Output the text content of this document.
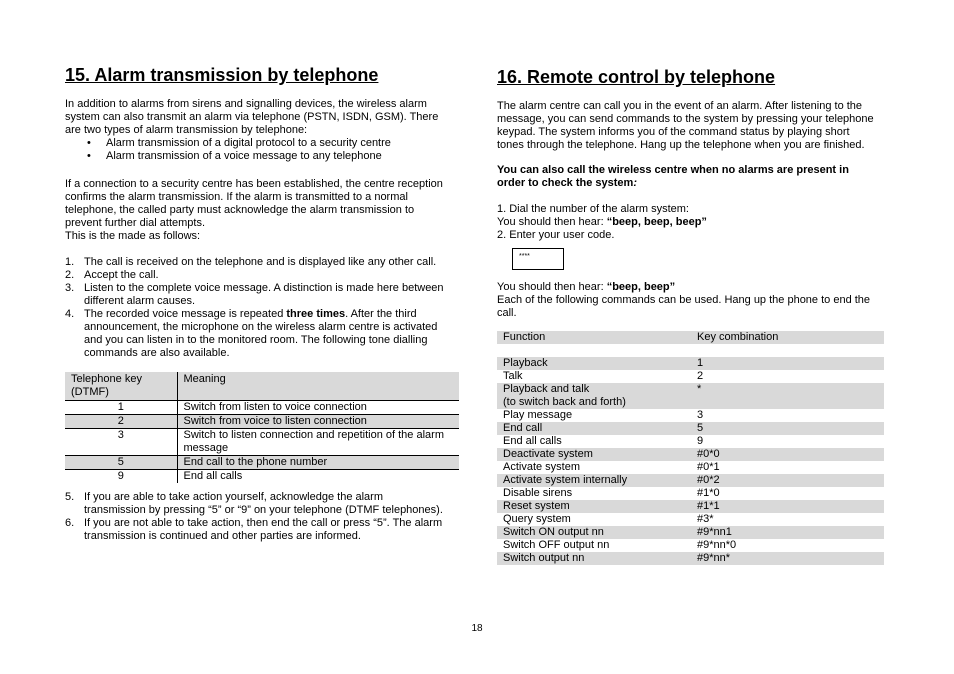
15. Alarm transmission by telephone
In addition to alarms from sirens and signalling devices, the wireless alarm
system can also transmit an alarm via telephone (PSTN, ISDN, GSM). There
are two types of alarm transmission by telephone:
• Alarm transmission of a digital protocol to a security centre
• Alarm transmission of a voice message to any telephone
If a connection to a security centre has been established, the centre reception
confirms the alarm transmission. If the alarm is transmitted to a normal
telephone, the called party must acknowledge the alarm transmission to
prevent further dial attempts.
This is the made as follows:
1. The call is received on the telephone and is displayed like any other call.
2. Accept the call.
3. Listen to the complete voice message. A distinction is made here between
different alarm causes.
4. The recorded voice message is repeated three times. After the third
announcement, the microphone on the wireless alarm centre is activated
and you can listen in to the monitored room. The following tone dialling
commands are also available.
Telephone key
(DTMF)	Meaning
1	Switch from listen to voice connection
2	Switch from voice to listen connection
3	Switch to listen connection and repetition of the alarm
message

5	End call to the phone number
9	End all calls
5. If you are able to take action yourself, acknowledge the alarm
transmission by pressing “5” or “9” on your telephone (DTMF telephones).
6. If you are not able to take action, then end the call or press “5”. The alarm
transmission is continued and other parties are informed.
16. Remote control by telephone
The alarm centre can call you in the event of an alarm. After listening to the
message, you can send commands to the system by pressing your telephone
keypad. The system informs you of the command status by playing short
tones through the telephone. Hang up the telephone when you are finished.
You can also call the wireless centre when no alarms are present in
order to check the system:
1. Dial the number of the alarm system:
You should then hear: “beep, beep, beep”
2. Enter your user code.
****
You should then hear: “beep, beep”
Each of the following commands can be used. Hang up the phone to end the
call.
Function	Key combination

Playback	1
Talk	2

Playback and talk
(to switch back and forth)	*
Play message	3
End call	5
End all calls	9
Deactivate system	#0*0
Activate system	#0*1
Activate system internally	#0*2
Disable sirens	#1*0
Reset system	#1*1
Query system	#3*
Switch ON output nn	#9*nn1
Switch OFF output nn	#9*nn*0
Switch output nn	#9*nn*
18
